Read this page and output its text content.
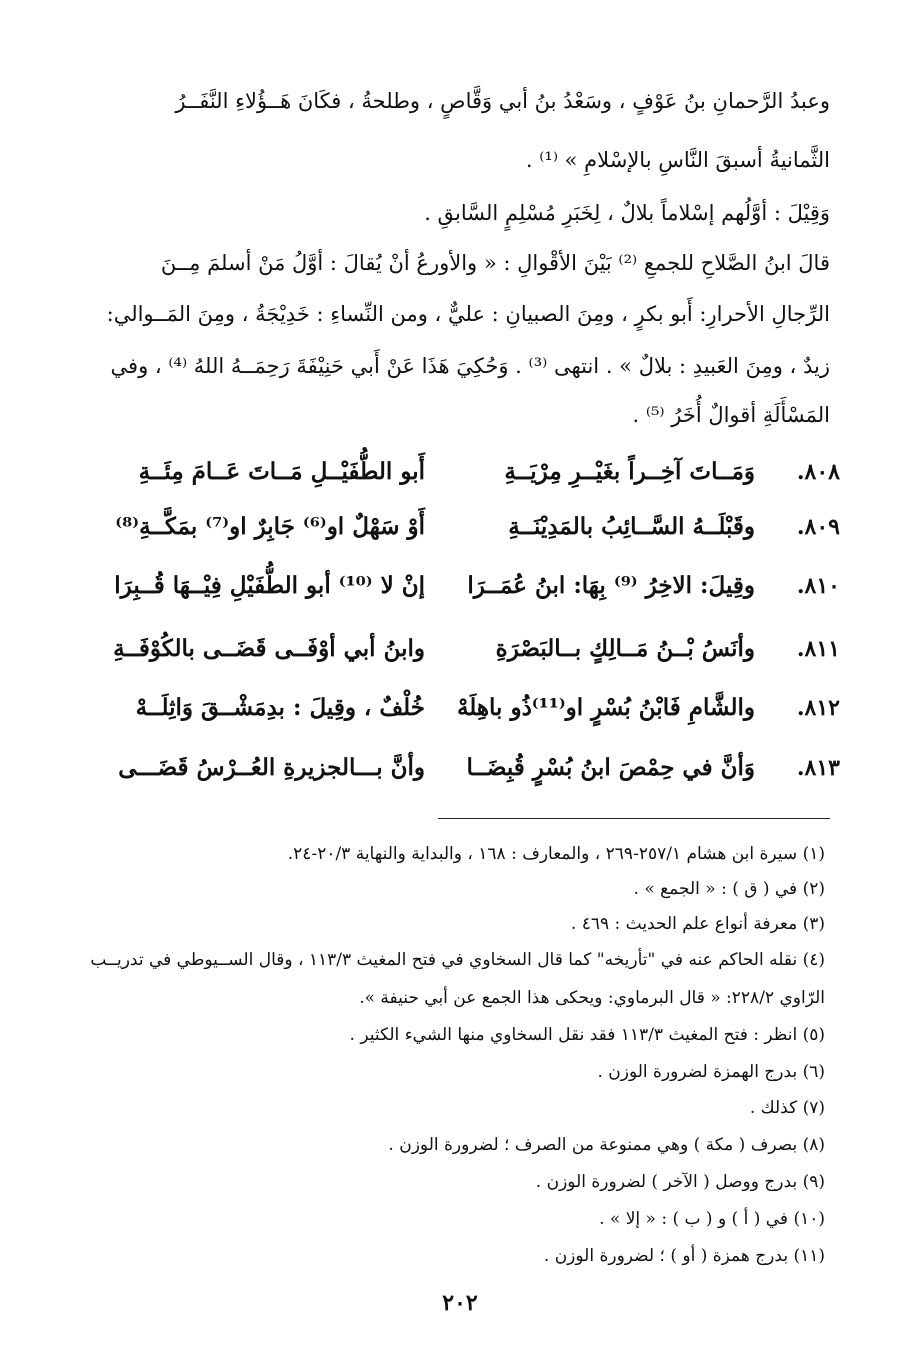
وعبدُ الرَّحمانِ بنُ عَوْفٍ ، وسَعْدُ بنُ أبي وَقَّاصٍ ، وطلحةُ ، فكَانَ هَــؤُلاءِ النَّفَــرُ
الثَّمانيةُ أسبقَ النَّاسِ بالإسْلامِ » ⁽¹⁾ .
وَقِيْلَ : أوَّلُهم إسْلاماً بلالٌ ، لِخَبَرِ مُسْلِمٍ السَّابقِ .
قالَ ابنُ الصَّلاحِ للجمعِ ⁽²⁾ بَيْنَ الأقْوالِ : « والأورعُ أنْ يُقالَ : أوَّلُ مَنْ أسلمَ مِــنَ
الرِّجالِ الأحرارِ: أَبو بكرٍ ، ومِنَ الصبيانِ : عليٌّ ، ومن النِّساءِ : خَدِيْجَةُ ، ومِنَ المَــوالي:
زيدٌ ، ومِنَ العَبيدِ : بلالٌ » . انتهى ⁽³⁾ . وَحُكِيَ هَذَا عَنْ أَبي حَنِيْفَةَ رَحِمَــهُ اللهُ ⁽⁴⁾ ، وفي
المَسْأَلَةِ أقوالٌ أُخَرُ ⁽⁵⁾ .
٨٠٨.
وَمَــاتَ آخِــراً بغَيْــرِ مِرْيَــةِ
أَبو الطُّفَيْــلِ مَــاتَ عَــامَ مِئَــةِ
٨٠٩.
وقَبْلَــهُ السَّــائِبُ بالمَدِيْنَــةِ
أَوْ سَهْلٌ او⁽⁶⁾ جَابِرٌ او⁽⁷⁾ بمَكَّــةِ⁽⁸⁾
٨١٠.
وقِيلَ: الاخِرُ ⁽⁹⁾ بِهَا: ابنُ عُمَــرَا
إنْ لا ⁽¹⁰⁾ أبو الطُّفَيْلِ فِيْــهَا قُــبِرَا
٨١١.
وأنَسُ بْــنُ مَــالِكٍ بــالبَصْرَةِ
وابنُ أبي أوْفَــى قَضَــى بالكُوْفَــةِ
٨١٢.
والشَّامِ فَابْنُ بُسْرٍ او⁽¹¹⁾ذُو باهِلَهْ
خُلْفٌ ، وقِيلَ : بدِمَشْــقَ وَاثِلَــهْ
٨١٣.
وَأنَّ في حِمْصَ ابنُ بُسْرٍ قُبِضَــا
وأنَّ بـــالجزيرةِ العُــرْسُ قَضَـــى
(١) سيرة ابن هشام ٢٥٧/١-٢٦٩ ، والمعارف : ١٦٨ ، والبداية والنهاية ٢٠/٣-٢٤.
(٢) في ( ق ) : « الجمع » .
(٣) معرفة أنواع علم الحديث : ٤٦٩ .
(٤) نقله الحاكم عنه في "تأريخه" كما قال السخاوي في فتح المغيث ١١٣/٣ ، وقال الســيوطي في تدريــب
الرّاوي ٢٢٨/٢: « قال البرماوي: ويحكى هذا الجمع عن أبي حنيفة ».
(٥) انظر : فتح المغيث ١١٣/٣ فقد نقل السخاوي منها الشيء الكثير .
(٦) بدرج الهمزة لضرورة الوزن .
(٧) كذلك .
(٨) بصرف ( مكة ) وهي ممنوعة من الصرف ؛ لضرورة الوزن .
(٩) بدرج ووصل ( الآخر ) لضرورة الوزن .
(١٠) في ( أ ) و ( ب ) : « إلا » .
(١١) بدرج همزة ( أو ) ؛ لضرورة الوزن .
٢٠٢
